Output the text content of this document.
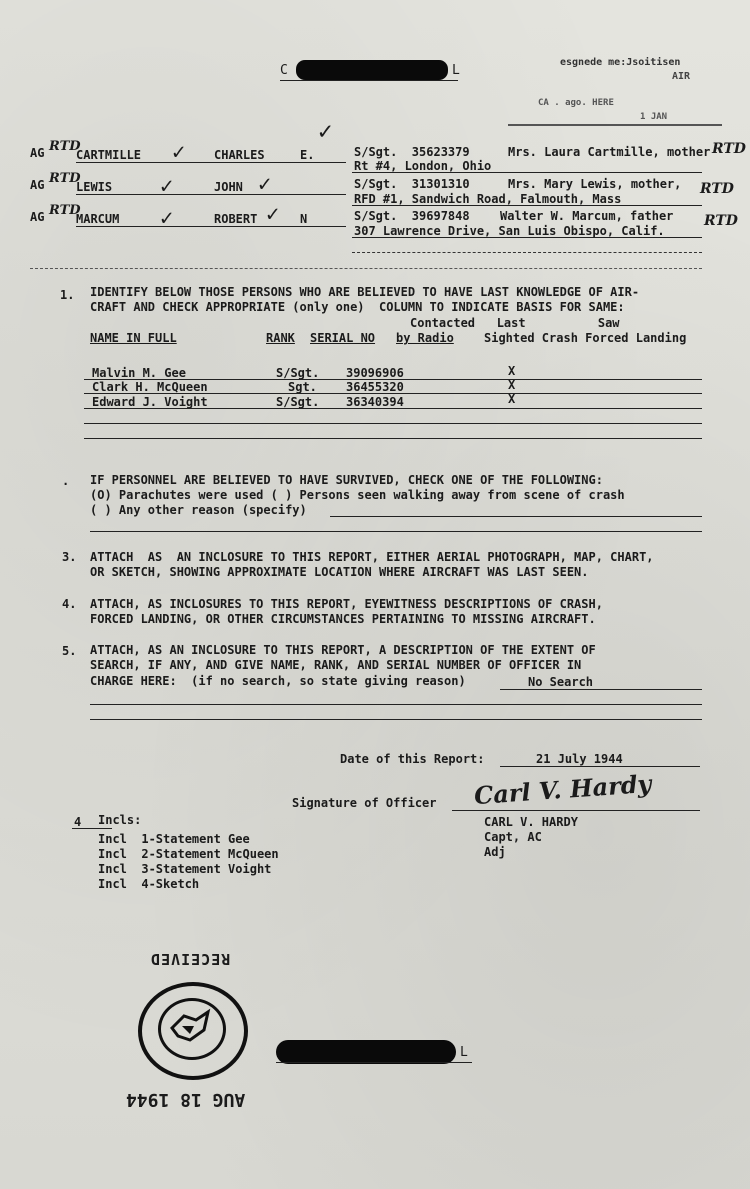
C	L
esgnede me:Jsoitisen
AIR
CA . ago. HERE
1 JAN
AG RTD
CARTMILLE	CHARLES	E.	S/Sgt.  35623379	Mrs. Laura Cartmille, mother
Rt #4, London, Ohio
RTD
AG RTD
LEWIS	JOHN	S/Sgt.  31301310	Mrs. Mary Lewis, mother,
RFD #1, Sandwich Road, Falmouth, Mass
RTD
AG RTD
MARCUM	ROBERT	N	S/Sgt.  39697848	Walter W. Marcum, father
307 Lawrence Drive, San Luis Obispo, Calif.
RTD
✓
✓
✓
✓
✓
✓
1. IDENTIFY BELOW THOSE PERSONS WHO ARE BELIEVED TO HAVE LAST KNOWLEDGE OF AIR-
CRAFT AND CHECK APPROPRIATE (only one)  COLUMN TO INDICATE BASIS FOR SAME:
Contacted   Last          Saw
NAME IN FULL	RANK SERIAL NO by Radio	Sighted Crash Forced Landing
Malvin M. Gee	S/Sgt. 39096906	X
Clark H. McQueen	Sgt. 36455320	X
Edward J. Voight	S/Sgt. 36340394	X
. IF PERSONNEL ARE BELIEVED TO HAVE SURVIVED, CHECK ONE OF THE FOLLOWING:
(O) Parachutes were used ( ) Persons seen walking away from scene of crash
( ) Any other reason (specify)
3. ATTACH  AS  AN INCLOSURE TO THIS REPORT, EITHER AERIAL PHOTOGRAPH, MAP, CHART,
OR SKETCH, SHOWING APPROXIMATE LOCATION WHERE AIRCRAFT WAS LAST SEEN.
4. ATTACH, AS INCLOSURES TO THIS REPORT, EYEWITNESS DESCRIPTIONS OF CRASH,
FORCED LANDING, OR OTHER CIRCUMSTANCES PERTAINING TO MISSING AIRCRAFT.
5. ATTACH, AS AN INCLOSURE TO THIS REPORT, A DESCRIPTION OF THE EXTENT OF
SEARCH, IF ANY, AND GIVE NAME, RANK, AND SERIAL NUMBER OF OFFICER IN
CHARGE HERE:  (if no search, so state giving reason)	No Search
Date of this Report:	21 July 1944
Signature of Officer Carl V. Hardy
CARL V. HARDY
Capt, AC
Adj
4 Incls:
Incl  1-Statement Gee
Incl  2-Statement McQueen
Incl  3-Statement Voight
Incl  4-Sketch
RECEIVED
AUG 18 1944
L
